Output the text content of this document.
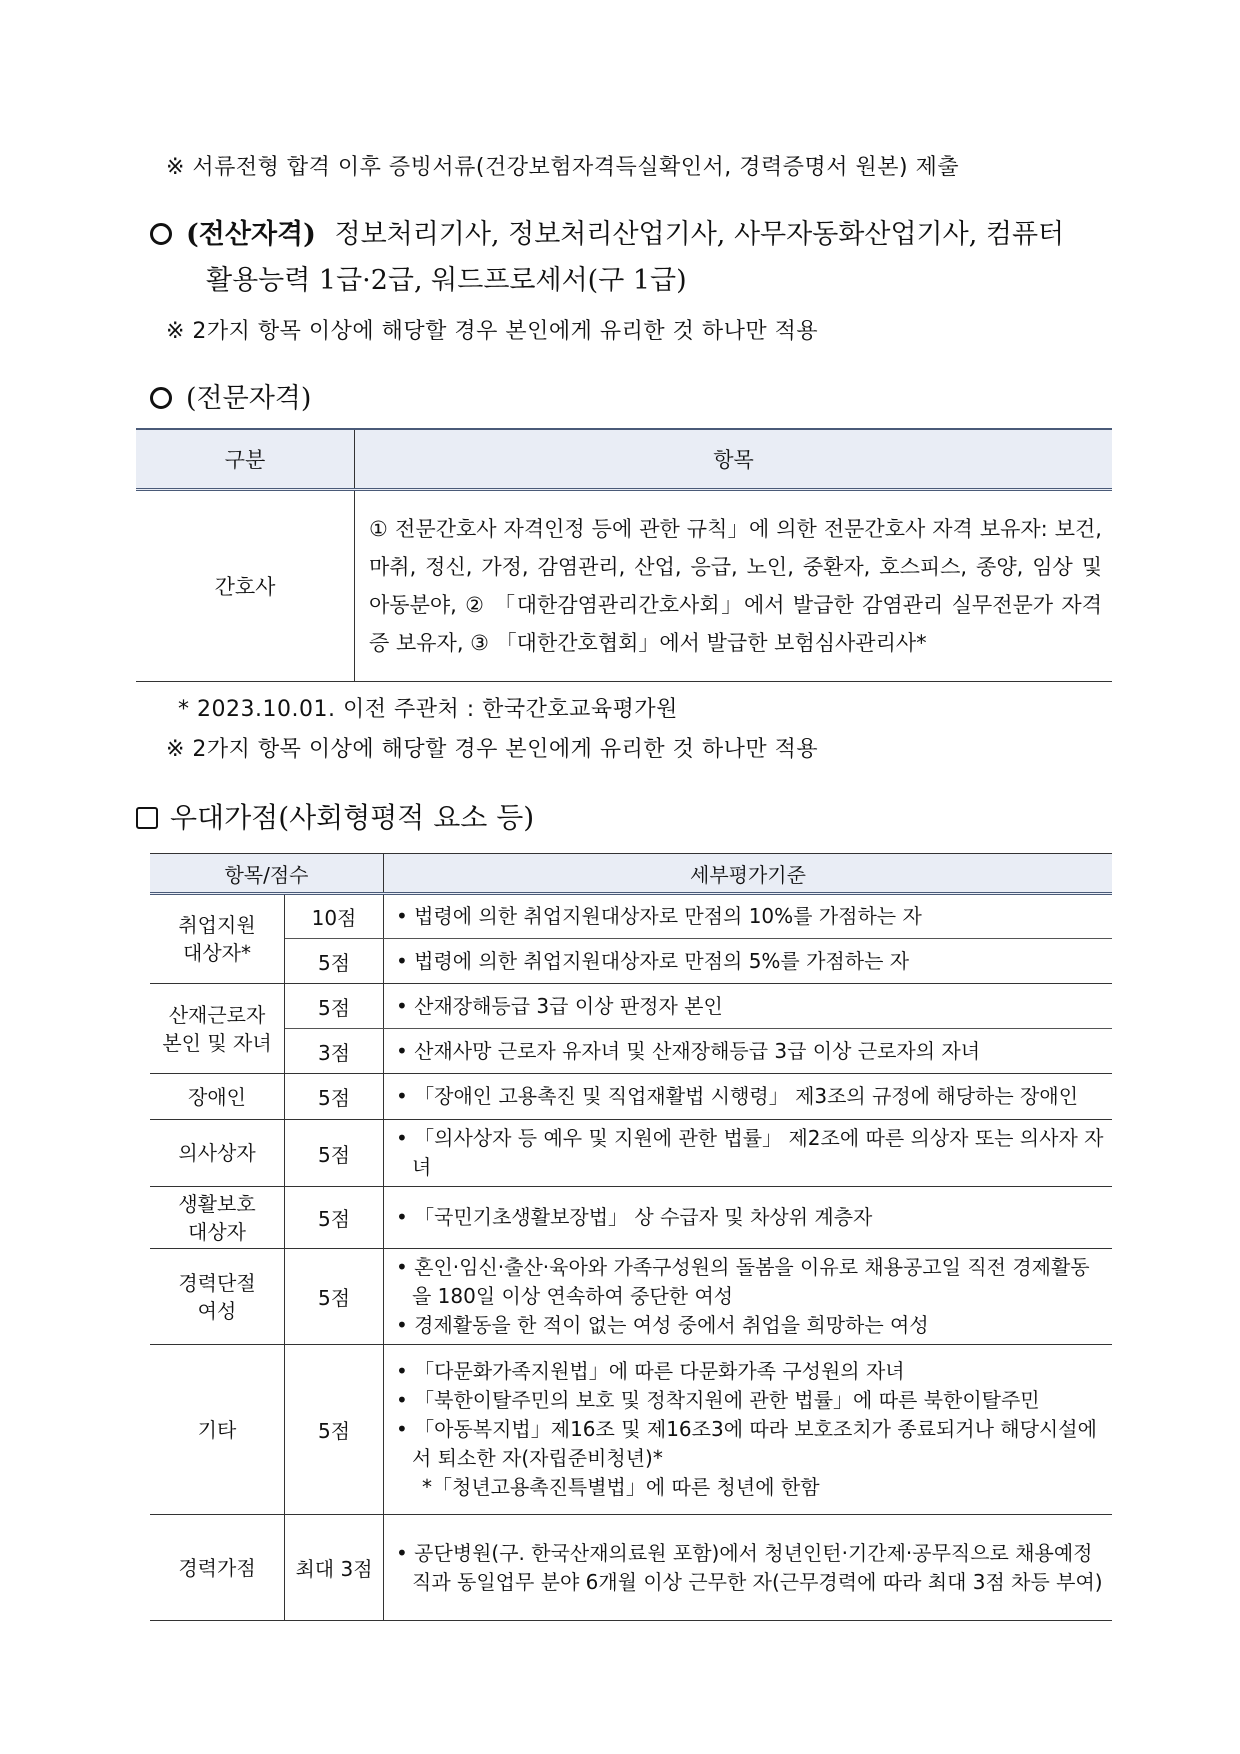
※ 서류전형 합격 이후 증빙서류(건강보험자격득실확인서, 경력증명서 원본) 제출
(전산자격) 정보처리기사, 정보처리산업기사, 사무자동화산업기사, 컴퓨터
활용능력 1급·2급, 워드프로세서(구 1급)
※ 2가지 항목 이상에 해당할 경우 본인에게 유리한 것 하나만 적용
(전문자격)
구분	항목
간호사	① 전문간호사 자격인정 등에 관한 규칙」에 의한 전문간호사 자격 보유자: 보건, 마취, 정신, 가정, 감염관리, 산업, 응급, 노인, 중환자, 호스피스, 종양, 임상 및 아동분야, ② 「대한감염관리간호사회」에서 발급한 감염관리 실무전문가 자격증 보유자, ③ 「대한간호협회」에서 발급한 보험심사관리사*
* 2023.10.01. 이전 주관처 : 한국간호교육평가원
※ 2가지 항목 이상에 해당할 경우 본인에게 유리한 것 하나만 적용
우대가점(사회형평적 요소 등)
항목/점수		세부평가기준
취업지원
대상자*	10점	• 법령에 의한 취업지원대상자로 만점의 10%를 가점하는 자

	5점	• 법령에 의한 취업지원대상자로 만점의 5%를 가점하는 자

산재근로자
본인 및 자녀	5점	• 산재장해등급 3급 이상 판정자 본인

	3점	• 산재사망 근로자 유자녀 및 산재장해등급 3급 이상 근로자의 자녀

장애인	5점	• 「장애인 고용촉진 및 직업재활법 시행령」 제3조의 규정에 해당하는 장애인

의사상자	5점	• 「의사상자 등 예우 및 지원에 관한 법률」 제2조에 따른 의상자 또는 의사자 자녀

생활보호
대상자	5점	• 「국민기초생활보장법」 상 수급자 및 차상위 계층자

경력단절
여성	5점	• 혼인·임신·출산·육아와 가족구성원의 돌봄을 이유로 채용공고일 직전 경제활동을 180일 이상 연속하여 중단한 여성
• 경제활동을 한 적이 없는 여성 중에서 취업을 희망하는 여성

기타	5점	• 「다문화가족지원법」에 따른 다문화가족 구성원의 자녀
• 「북한이탈주민의 보호 및 정착지원에 관한 법률」에 따른 북한이탈주민
• 「아동복지법」제16조 및 제16조3에 따라 보호조치가 종료되거나 해당시설에서 퇴소한 자(자립준비청년)*
*「청년고용촉진특별법」에 따른 청년에 한함

경력가점	최대 3점	• 공단병원(구. 한국산재의료원 포함)에서 청년인턴·기간제·공무직으로 채용예정직과 동일업무 분야 6개월 이상 근무한 자(근무경력에 따라 최대 3점 차등 부여)
